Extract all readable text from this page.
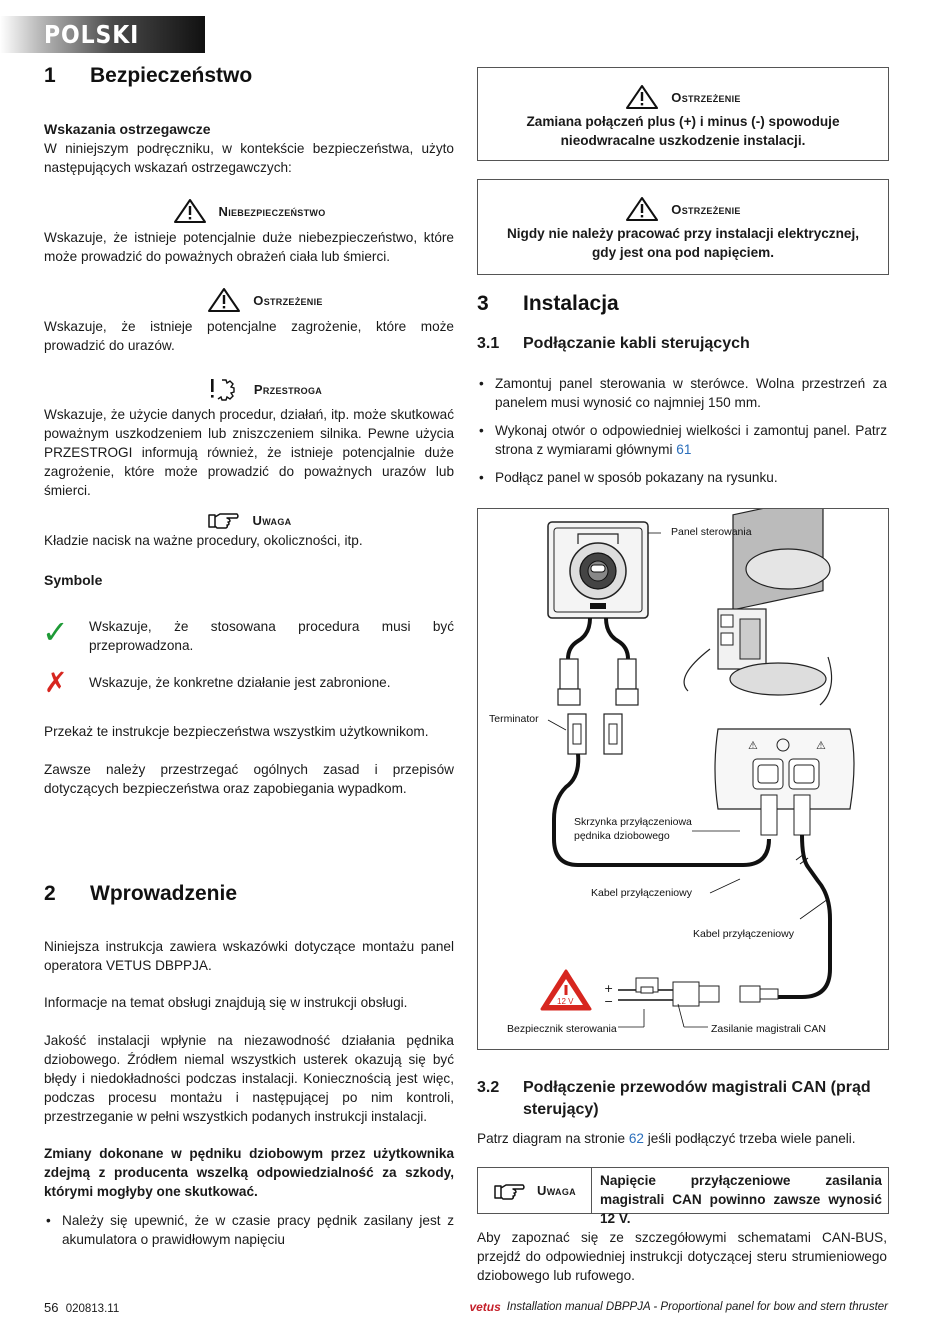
POLSKI
1 Bezpieczeństwo
Wskazania ostrzegawcze
W niniejszym podręczniku, w kontekście bezpieczeństwa, użyto następujących wskazań ostrzegawczych:
Niebezpieczeństwo
Wskazuje, że istnieje potencjalnie duże niebezpieczeństwo, które może prowadzić do poważnych obrażeń ciała lub śmierci.
Ostrzeżenie
Wskazuje, że istnieje potencjalne zagrożenie, które może prowadzić do urazów.
Przestroga
Wskazuje, że użycie danych procedur, działań, itp. może skutkować poważnym uszkodzeniem lub zniszczeniem silnika. Pewne użycia PRZESTROGI informują również, że istnieje potencjalnie duże zagrożenie, które może prowadzić do poważnych urazów lub śmierci.
Uwaga
Kładzie nacisk na ważne procedury, okoliczności, itp.
Symbole
✓ Wskazuje, że stosowana procedura musi być przeprowadzona.
✗ Wskazuje, że konkretne działanie jest zabronione.
Przekaż te instrukcje bezpieczeństwa wszystkim użytkownikom.
Zawsze należy przestrzegać ogólnych zasad i przepisów dotyczących bezpieczeństwa oraz zapobiegania wypadkom.
2 Wprowadzenie
Niniejsza instrukcja zawiera wskazówki dotyczące montażu panel operatora VETUS DBPPJA.
Informacje na temat obsługi znajdują się w instrukcji obsługi.
Jakość instalacji wpłynie na niezawodność działania pędnika dziobowego. Źródłem niemal wszystkich usterek okazują się być błędy i niedokładności podczas instalacji. Koniecznością jest więc, podczas procesu montażu i następującej po nim kontroli, przestrzeganie w pełni wszystkich podanych instrukcji instalacji.
Zmiany dokonane w pędniku dziobowym przez użytkownika zdejmą z producenta wszelką odpowiedzialność za szkody, którymi mogłyby one skutkować.
• Należy się upewnić, że w czasie pracy pędnik zasilany jest z akumulatora o prawidłowym napięciu
Ostrzeżenie
Zamiana połączeń plus (+) i minus (-) spowoduje nieodwracalne uszkodzenie instalacji.
Ostrzeżenie
Nigdy nie należy pracować przy instalacji elektrycznej, gdy jest ona pod napięciem.
3 Instalacja
3.1 Podłączanie kabli sterujących
• Zamontuj panel sterowania w sterówce. Wolna przestrzeń za panelem musi wynosić co najmniej 150 mm.
• Wykonaj otwór o odpowiedniej wielkości i zamontuj panel. Patrz strona z wymiarami głównymi 61
• Podłącz panel w sposób pokazany na rysunku.
⚠	⚠
12 V
+
−
Panel sterowania
Terminator
Skrzynka przyłączeniowa
pędnika dziobowego
Kabel przyłączeniowy
Kabel przyłączeniowy
Bezpiecznik sterowania	Zasilanie magistrali CAN
3.2	Podłączenie przewodów magistrali CAN (prąd sterujący)
Patrz diagram na stronie 62 jeśli podłączyć trzeba wiele paneli.
Uwaga
Napięcie przyłączeniowe zasilania magistrali CAN powinno zawsze wynosić 12 V.
Aby zapoznać się ze szczegółowymi schematami CAN-BUS, przejdź do odpowiedniej instrukcji dotyczącej steru strumieniowego dziobowego lub rufowego.
56 020813.11	vetus Installation manual DBPPJA - Proportional panel for bow and stern thruster
